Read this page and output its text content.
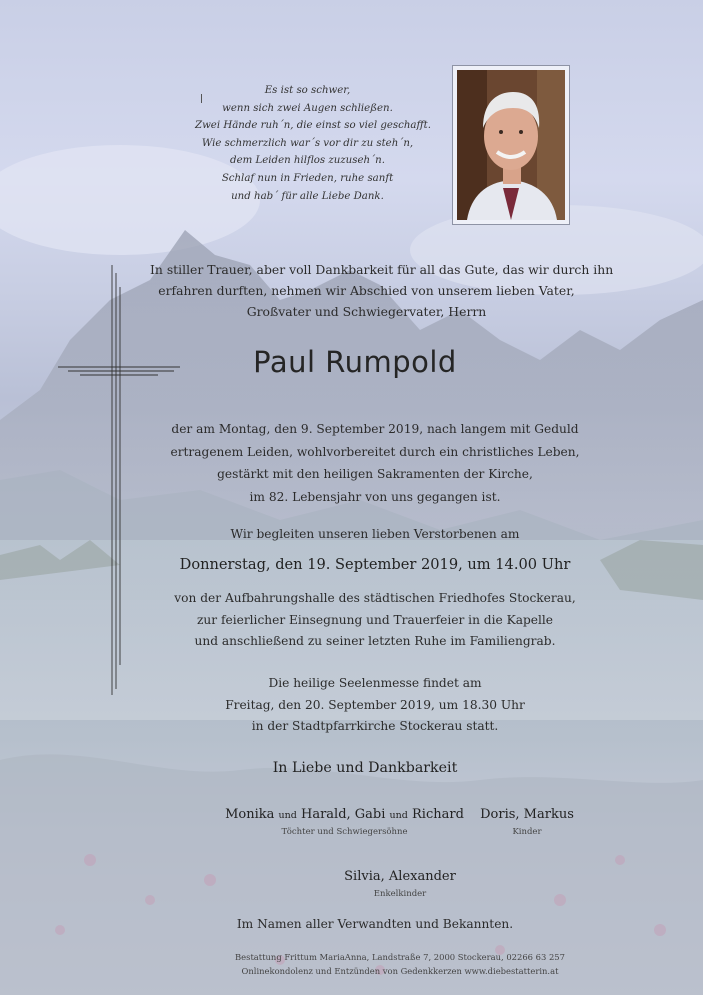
Es ist so schwer,
wenn sich zwei Augen schließen.
Zwei Hände ruh´n, die einst so viel geschafft.
Wie schmerzlich war´s vor dir zu steh´n,
dem Leiden hilflos zuzuseh´n.
Schlaf nun in Frieden, ruhe sanft
und hab´ für alle Liebe Dank.
In stiller Trauer, aber voll Dankbarkeit für all das Gute, das wir durch ihn
erfahren durften, nehmen wir Abschied von unserem lieben Vater,
Großvater und Schwiegervater, Herrn
Paul Rumpold
der am Montag, den 9. September 2019, nach langem mit Geduld
ertragenem Leiden, wohlvorbereitet durch ein christliches Leben,
gestärkt mit den heiligen Sakramenten der Kirche,
im 82. Lebensjahr von uns gegangen ist.
Wir begleiten unseren lieben Verstorbenen am
Donnerstag, den 19. September 2019, um 14.00 Uhr
von der Aufbahrungshalle des städtischen Friedhofes Stockerau,
zur feierlicher Einsegnung und Trauerfeier in die Kapelle
und anschließend zu seiner letzten Ruhe im Familiengrab.
Die heilige Seelenmesse findet am
Freitag, den 20. September 2019, um 18.30 Uhr
in der Stadtpfarrkirche Stockerau statt.
In Liebe und Dankbarkeit
Monika und Harald, Gabi und Richard
Töchter und Schwiegersöhne
Doris, Markus
Kinder
Silvia, Alexander
Enkelkinder
Im Namen aller Verwandten und Bekannten.
Bestattung Frittum MariaAnna, Landstraße 7, 2000 Stockerau, 02266 63 257
Onlinekondolenz und Entzünden von Gedenkkerzen www.diebestatterin.at
